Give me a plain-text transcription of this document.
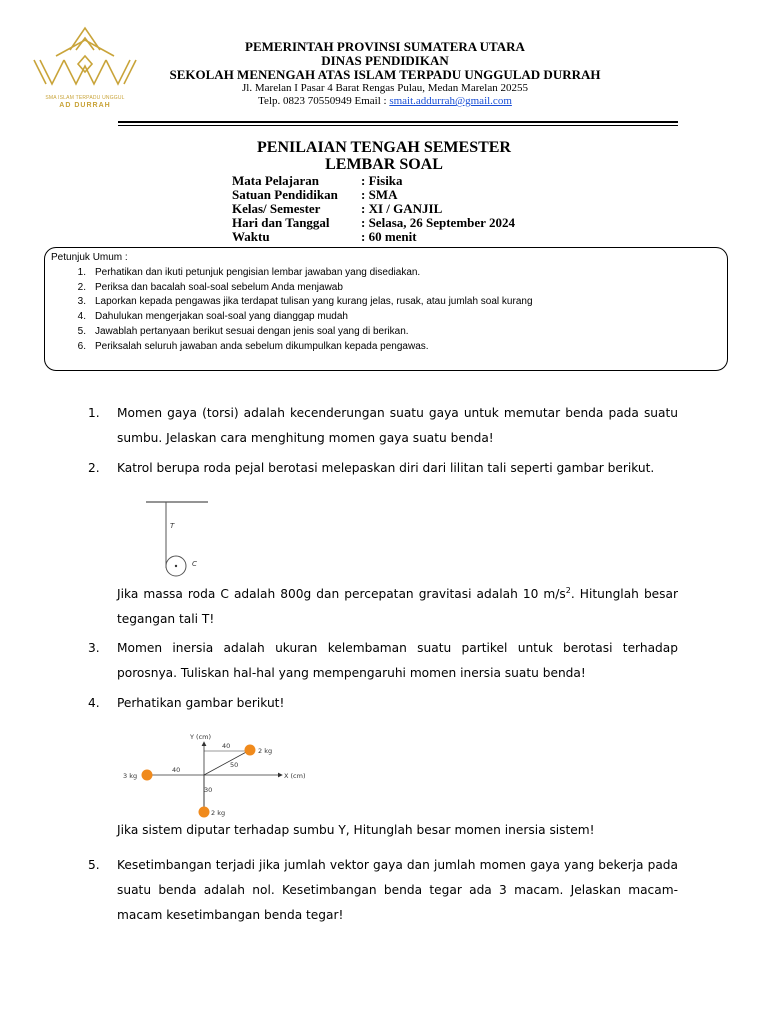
SMA ISLAM TERPADU UNGGUL
AD DURRAH
PEMERINTAH PROVINSI SUMATERA UTARA
DINAS PENDIDIKAN
SEKOLAH MENENGAH ATAS ISLAM TERPADU UNGGULAD DURRAH
Jl. Marelan I Pasar 4 Barat Rengas Pulau, Medan Marelan 20255
Telp. 0823 70550949 Email : smait.addurrah@gmail.com
PENILAIAN TENGAH SEMESTER
LEMBAR SOAL
Mata Pelajaran	: Fisika
Satuan Pendidikan : SMA
Kelas/ Semester	: XI / GANJIL
Hari dan Tanggal : Selasa, 26 September 2024
Waktu	: 60 menit
Petunjuk Umum :
1. Perhatikan dan ikuti petunjuk pengisian lembar jawaban yang disediakan.
2. Periksa dan bacalah soal-soal sebelum Anda menjawab
3. Laporkan kepada pengawas jika terdapat tulisan yang kurang jelas, rusak, atau jumlah soal kurang
4. Dahulukan mengerjakan soal-soal yang dianggap mudah
5. Jawablah pertanyaan berikut sesuai dengan jenis soal yang di berikan.
6. Periksalah seluruh jawaban anda sebelum dikumpulkan kepada pengawas.
1.	Momen gaya (torsi) adalah kecenderungan suatu gaya untuk memutar benda pada suatu sumbu. Jelaskan cara menghitung momen gaya suatu benda!
2.	Katrol berupa roda pejal berotasi melepaskan diri dari lilitan tali seperti gambar berikut.
T
C
Jika massa roda C adalah 800g dan percepatan gravitasi adalah 10 $m/s^2$. Hitunglah besar
tegangan tali T!
3.	Momen inersia adalah ukuran kelembaman suatu partikel untuk berotasi terhadap porosnya. Tuliskan hal-hal yang mempengaruhi momen inersia suatu benda!
4.	Perhatikan gambar berikut!
Y (cm)
X (cm)
40
50
40
30
3 kg
2 kg
2 kg
Jika sistem diputar terhadap sumbu Y, Hitunglah besar momen inersia sistem!
5.	Kesetimbangan terjadi jika jumlah vektor gaya dan jumlah momen gaya yang bekerja pada suatu benda adalah nol. Kesetimbangan benda tegar ada 3 macam. Jelaskan macam-macam kesetimbangan benda tegar!
